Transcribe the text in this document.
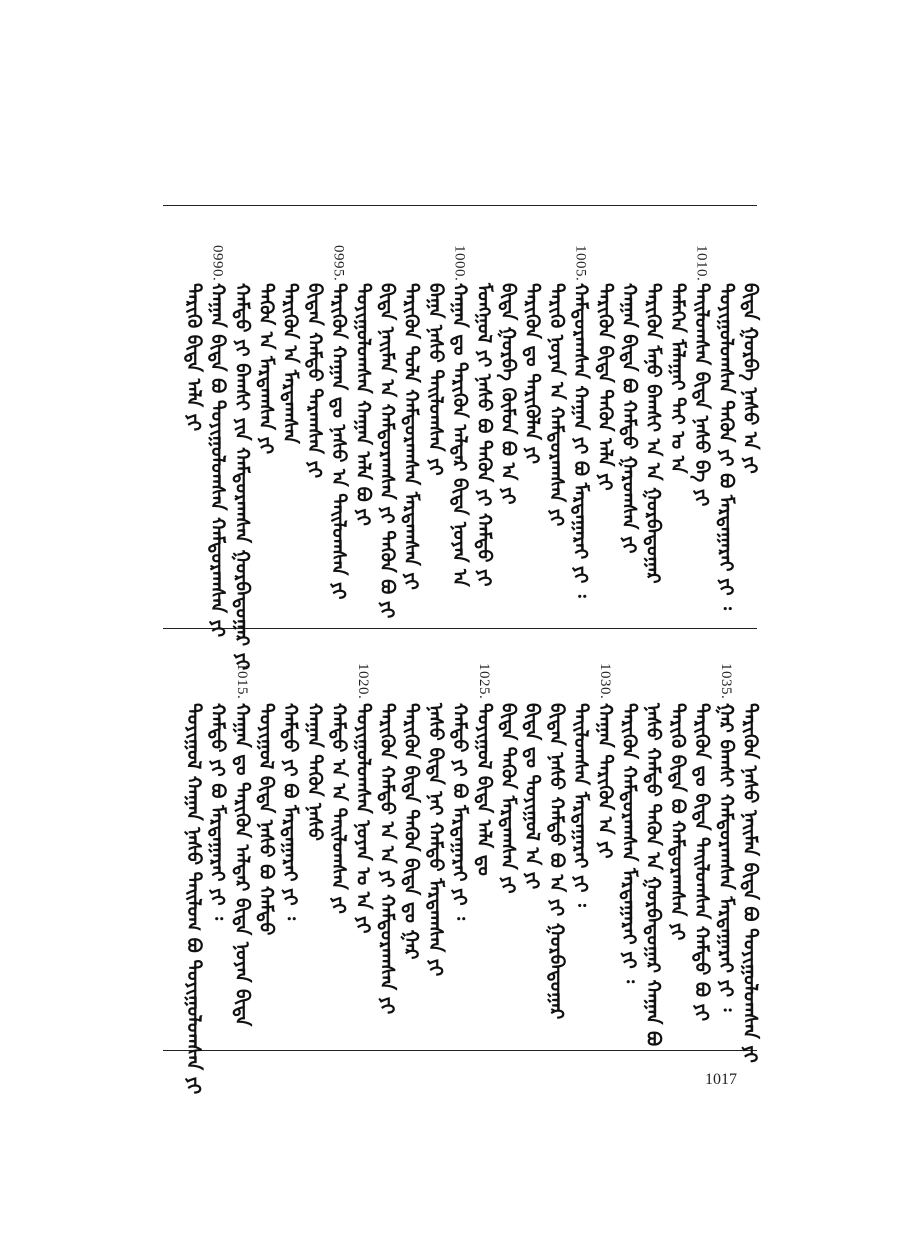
ᠪᠢᠳᠡ ᠭᠤᠷᠪᠠ ᠨᠠᠰᠤ ᠠ ᠶᠢ
ᠲᠤᠶᠢᠭᠤᠯᠤᠭᠰᠠᠨ ᠲᠡᠭᠦᠨ ᠶᠢ ᠪᠤ ᠮᠠᠷᠲᠠᠭᠠᠷᠠᠢ ᠶᠢ ᠄
ᠲᠠᠢᠯᠤᠭᠰᠠᠨ ᠪᠢᠳᠡ ᠨᠠᠰᠤ ᠪᠠ ᠶᠢ
1010.
ᠲᠡᠮᠡᠭᠡᠨ ᠮᠠᠯᠠᠭᠠᠢ ᠲᠠᠢ ᠤ ᠠ
ᠲᠡᠷᠢᠭᠦᠨ ᠮᠠᠨᠤ ᠪᠠᠭᠰᠢ ᠠ ᠠ ᠭᠤᠷᠪᠠᠳᠤᠭᠠᠷ
ᠬᠠᠭᠠᠨ ᠪᠢᠳᠡ ᠪᠤ ᠬᠠᠮᠲᠤ ᠭᠠᠷᠤᠭᠰᠠᠨ ᠶᠢ
ᠲᠡᠷᠢᠭᠦᠨ ᠪᠢᠳᠡ ᠲᠡᠭᠦᠨ ᠠᠯᠠ ᠶᠢ
ᠬᠠᠮᠲᠤᠷᠠᠭᠰᠠᠨ ᠬᠠᠭᠠᠨ ᠶᠢ ᠪᠤ ᠮᠠᠷᠲᠠᠭᠠᠷᠠᠢ ᠶᠢ ᠄
1005.
ᠲᠡᠷᠢᠭᠦ ᠨᠣᠶᠠᠨ ᠠ ᠬᠠᠮᠲᠤᠷᠠᠭᠰᠠᠨ ᠶᠢ
ᠲᠡᠷᠢᠭᠦᠨ ᠳᠤ ᠲᠡᠷᠢᠭᠦᠯᠡᠨ ᠶᠢ
ᠪᠢᠳᠡ ᠭᠤᠷᠪᠠ ᠬᠦᠮᠦᠨ ᠪᠤ ᠠ ᠶᠢ
ᠮᠣᠩᠭᠣᠯ ᠶᠢ ᠨᠠᠰᠤ ᠪᠤ ᠲᠡᠭᠦᠨ ᠶᠢ ᠬᠠᠮᠲᠤ ᠶᠢ
ᠬᠠᠭᠠᠨ ᠳᠤ ᠲᠡᠷᠢᠭᠦᠨ ᠠᠯᠳᠠᠷ ᠪᠢᠳᠡ ᠨᠣᠶᠠᠨ ᠠ
1000.
ᠪᠠᠭᠠ ᠨᠠᠰᠤ ᠲᠠᠢᠯᠤᠭᠰᠠᠨ ᠶᠢ
ᠲᠡᠷᠢᠭᠦᠨ ᠲᠤᠯᠠ ᠬᠠᠮᠲᠤᠷᠠᠭᠰᠠᠨ ᠮᠠᠷᠲᠠᠭᠰᠠᠨ ᠶᠢ
ᠪᠢᠳᠡ ᠨᠠᠢᠮᠠᠨ ᠠ ᠬᠠᠮᠲᠤᠷᠠᠭᠰᠠᠨ ᠶᠢ ᠲᠡᠭᠦᠨ ᠪᠤ ᠶᠢ
ᠲᠤᠶᠢᠭᠤᠯᠤᠭᠰᠠᠨ ᠬᠠᠭᠠᠨ ᠠᠯᠠ ᠪᠤ ᠶᠢ
ᠲᠡᠷᠢᠭᠦᠨ ᠬᠠᠭᠠᠨ ᠳᠤ ᠨᠠᠰᠤ ᠠ ᠲᠠᠢᠯᠤᠭᠰᠠᠨ ᠶᠢ
0995.
ᠪᠢᠳᠡᠨ ᠬᠠᠮᠲᠤ ᠲᠠᠷᠠᠭᠰᠠᠨ ᠶᠢ
ᠲᠡᠷᠢᠭᠦᠨ ᠠ ᠮᠠᠷᠲᠠᠭᠰᠠᠨ
ᠲᠡᠭᠦᠨ ᠠ ᠮᠠᠷᠲᠠᠭᠰᠠᠨ ᠶᠢ
ᠬᠠᠮᠲᠤ ᠶᠢ ᠪᠠᠭᠰᠢ ᠶᠢᠨ ᠬᠠᠮᠲᠤᠷᠠᠭᠰᠠᠨ ᠭᠤᠷᠪᠠᠳᠤᠭᠠᠷ ᠶᠢ
ᠬᠠᠭᠠᠨ ᠪᠢᠳᠡ ᠪᠤ ᠲᠤᠶᠢᠭᠤᠯᠤᠭᠰᠠᠨ ᠬᠠᠮᠲᠤᠷᠠᠭᠰᠠᠨ ᠶᠢ
0990.
ᠲᠡᠷᠢᠭᠦ ᠪᠢᠳᠡ ᠠᠯᠠ ᠶᠢ
ᠲᠡᠷᠢᠭᠦᠨ ᠨᠠᠰᠤ ᠨᠠᠢᠮᠠᠨ ᠪᠢᠳᠡ ᠪᠤ ᠲᠤᠶᠢᠭᠤᠯᠤᠭᠰᠠᠨ ᠶᠢ
ᠭᠠᠷ ᠪᠠᠭᠰᠢ ᠬᠠᠮᠲᠤᠷᠠᠭᠰᠠᠨ ᠮᠠᠷᠲᠠᠭᠠᠷᠠᠢ ᠶᠢ ᠄
1035.
ᠲᠡᠷᠢᠭᠦᠨ ᠳᠤ ᠪᠢᠳᠡ ᠲᠠᠢᠯᠤᠭᠰᠠᠨ ᠬᠠᠮᠲᠤ ᠪᠤ ᠶᠢ
ᠲᠡᠷᠢᠭᠦ ᠪᠢᠳᠡ ᠪᠤ ᠬᠠᠮᠲᠤᠷᠠᠭᠰᠠᠨ ᠶᠢ
ᠨᠠᠰᠤ ᠬᠠᠮᠲᠤ ᠲᠡᠭᠦᠨ ᠠ ᠭᠤᠷᠪᠠᠳᠤᠭᠠᠷ ᠬᠠᠭᠠᠨ ᠪᠤ
ᠲᠡᠷᠢᠭᠦᠨ ᠬᠠᠮᠲᠤᠷᠠᠭᠰᠠᠨ ᠮᠠᠷᠲᠠᠭᠠᠷᠠᠢ ᠶᠢ ᠄
ᠬᠠᠭᠠᠨ ᠲᠡᠷᠢᠭᠦᠨ ᠠ ᠶᠢ
1030.
ᠲᠠᠢᠯᠤᠭᠰᠠᠨ ᠮᠠᠷᠲᠠᠭᠠᠷᠠᠢ ᠶᠢ ᠄
ᠪᠢᠳᠡᠨ ᠨᠠᠰᠤ ᠬᠠᠮᠲᠤ ᠪᠤ ᠠ ᠶᠢ ᠭᠤᠷᠪᠠᠳᠤᠭᠠᠷ
ᠪᠢᠳᠡ ᠳᠤ ᠲᠤᠶᠢᠭᠤᠯ ᠠ ᠶᠢ
ᠪᠢᠳᠡ ᠲᠡᠭᠦᠨ ᠮᠠᠷᠲᠠᠭᠰᠠᠨ ᠶᠢ
ᠲᠤᠶᠢᠭᠤᠯ ᠪᠢᠳᠡ ᠠᠯᠠ ᠳᠤ
1025.
ᠬᠠᠮᠲᠤ ᠶᠢ ᠪᠤ ᠮᠠᠷᠲᠠᠭᠠᠷᠠᠢ ᠶᠢ ᠄
ᠨᠠᠰᠤ ᠪᠢᠳᠡ ᠨᠠᠢ ᠬᠠᠮᠲᠤ ᠮᠠᠷᠲᠠᠭᠰᠠᠨ ᠶᠢ
ᠲᠡᠷᠢᠭᠦᠨ ᠪᠢᠳᠡ ᠲᠡᠭᠦᠨ ᠪᠢᠳᠡ ᠳᠤ ᠭᠠᠷ
ᠲᠡᠷᠢᠭᠦᠨ ᠬᠠᠮᠲᠤ ᠠ ᠠ ᠶᠢ ᠬᠠᠮᠲᠤᠷᠠᠭᠰᠠᠨ ᠶᠢ
ᠲᠤᠶᠢᠭᠤᠯᠤᠭᠰᠠᠨ ᠨᠣᠶᠠᠨ ᠤ ᠠ ᠶᠢ
1020.
ᠬᠠᠮᠲᠤ ᠠ ᠠ ᠲᠠᠢᠯᠤᠭᠰᠠᠨ ᠶᠢ
ᠬᠠᠭᠠᠨ ᠲᠡᠭᠦᠨ ᠨᠠᠰᠤ
ᠬᠠᠮᠲᠤ ᠶᠢ ᠪᠤ ᠮᠠᠷᠲᠠᠭᠠᠷᠠᠢ ᠶᠢ ᠄
ᠲᠤᠶᠢᠭᠤᠯ ᠪᠢᠳᠡ ᠨᠠᠰᠤ ᠪᠤ ᠬᠠᠮᠲᠤ
ᠬᠠᠭᠠᠨ ᠳᠤ ᠲᠡᠷᠢᠭᠦᠨ ᠠᠯᠳᠠᠷ ᠪᠢᠳᠡ ᠨᠣᠶᠠᠨ ᠪᠢᠳᠡ
1015.
ᠬᠠᠮᠲᠤ ᠶᠢ ᠪᠤ ᠮᠠᠷᠲᠠᠭᠠᠷᠠᠢ ᠶᠢ ᠄
ᠲᠤᠶᠢᠭᠤᠯ ᠬᠠᠭᠠᠨ ᠨᠠᠰᠤ ᠲᠠᠢᠯᠤᠭ ᠪᠤ ᠲᠤᠶᠢᠭᠤᠯᠤᠭᠰᠠᠨ ᠶᠢ	1017
